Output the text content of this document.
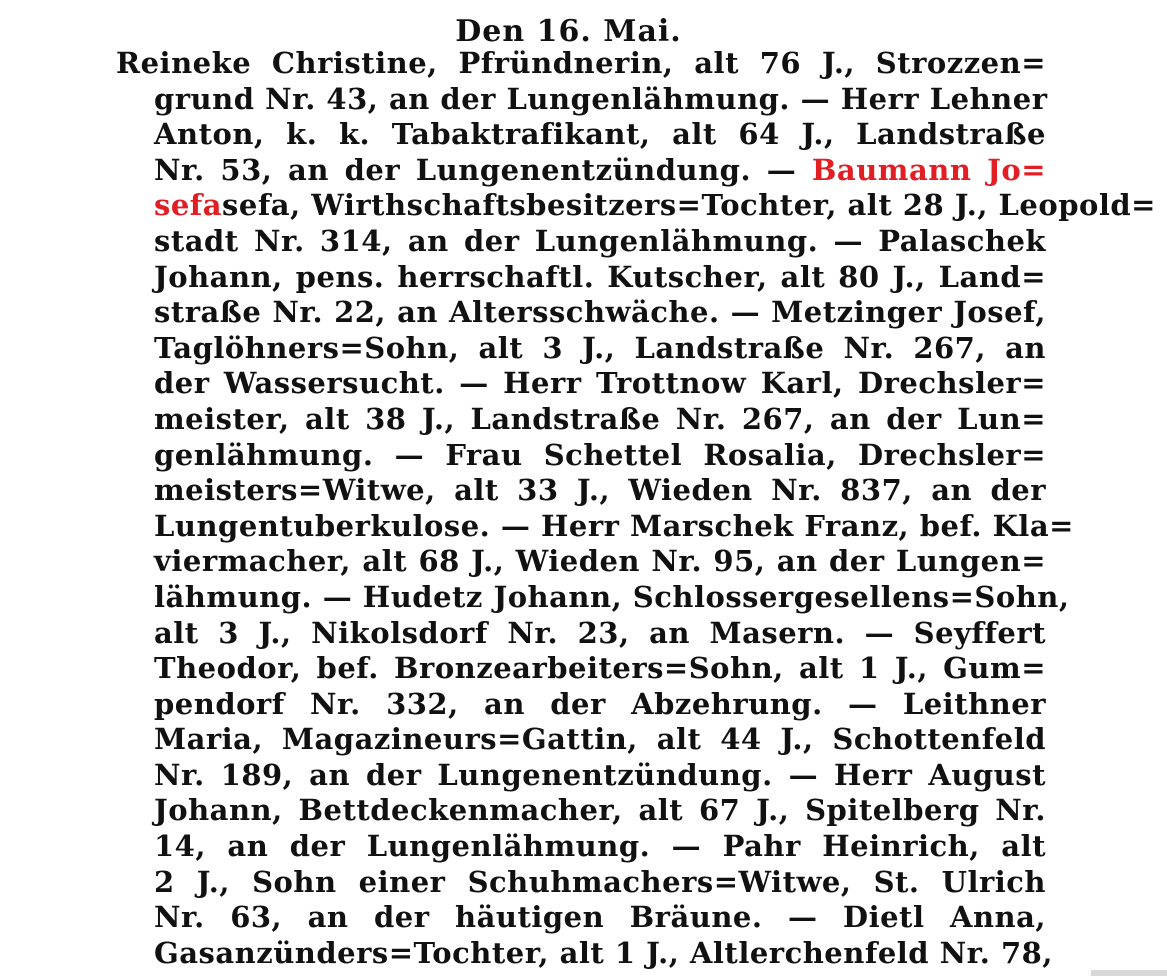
Den 16. Mai.
Reineke Christine, Pfründnerin, alt 76 J., Strozzen=
grund Nr. 43, an der Lungenlähmung. — Herr Lehner
Anton, k. k. Tabaktrafikant, alt 64 J., Landstraße
Nr. 53, an der Lungenentzündung. — Baumann Jo=
sefasefa, Wirthschaftsbesitzers=Tochter, alt 28 J., Leopold=
stadt Nr. 314, an der Lungenlähmung. — Palaschek
Johann, pens. herrschaftl. Kutscher, alt 80 J., Land=
straße Nr. 22, an Altersschwäche. — Metzinger Josef,
Taglöhners=Sohn, alt 3 J., Landstraße Nr. 267, an
der Wassersucht. — Herr Trottnow Karl, Drechsler=
meister, alt 38 J., Landstraße Nr. 267, an der Lun=
genlähmung. — Frau Schettel Rosalia, Drechsler=
meisters=Witwe, alt 33 J., Wieden Nr. 837, an der
Lungentuberkulose. — Herr Marschek Franz, bef. Kla=
viermacher, alt 68 J., Wieden Nr. 95, an der Lungen=
lähmung. — Hudetz Johann, Schlossergesellens=Sohn,
alt 3 J., Nikolsdorf Nr. 23, an Masern. — Seyffert
Theodor, bef. Bronzearbeiters=Sohn, alt 1 J., Gum=
pendorf Nr. 332, an der Abzehrung. — Leithner
Maria, Magazineurs=Gattin, alt 44 J., Schottenfeld
Nr. 189, an der Lungenentzündung. — Herr August
Johann, Bettdeckenmacher, alt 67 J., Spitelberg Nr.
14, an der Lungenlähmung. — Pahr Heinrich, alt
2 J., Sohn einer Schuhmachers=Witwe, St. Ulrich
Nr. 63, an der häutigen Bräune. — Dietl Anna,
Gasanzünders=Tochter, alt 1 J., Altlerchenfeld Nr. 78,
